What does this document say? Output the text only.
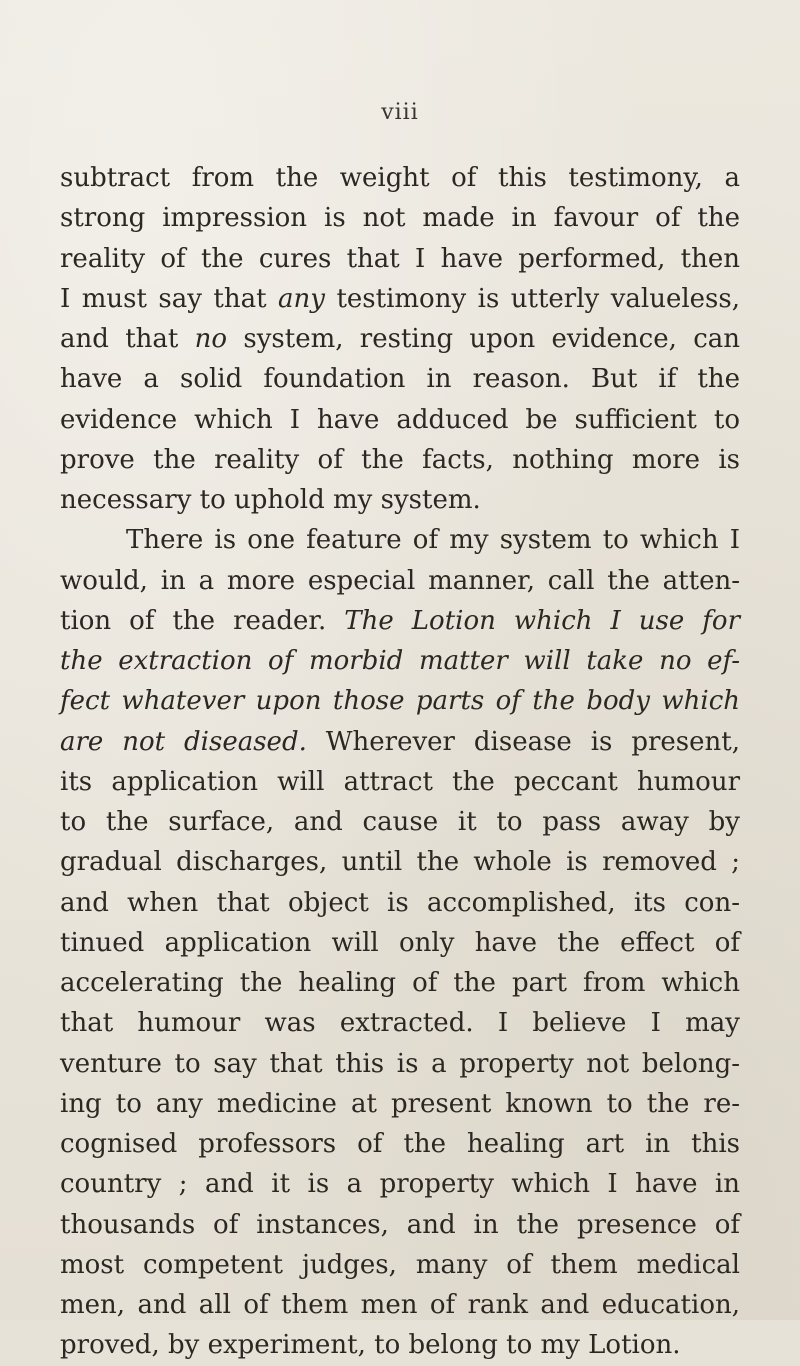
viii
subtract from the weight of this testimony, a
strong impression is not made in favour of the
reality of the cures that I have performed, then
I must say that any testimony is utterly valueless,
and that no system, resting upon evidence, can
have a solid foundation in reason. But if the
evidence which I have adduced be sufficient to
prove the reality of the facts, nothing more is
necessary to uphold my system.
There is one feature of my system to which I
would, in a more especial manner, call the atten-
tion of the reader. The Lotion which I use for
the extraction of morbid matter will take no ef-
fect whatever upon those parts of the body which
are not diseased. Wherever disease is present,
its application will attract the peccant humour
to the surface, and cause it to pass away by
gradual discharges, until the whole is removed ;
and when that object is accomplished, its con-
tinued application will only have the effect of
accelerating the healing of the part from which
that humour was extracted. I believe I may
venture to say that this is a property not belong-
ing to any medicine at present known to the re-
cognised professors of the healing art in this
country ; and it is a property which I have in
thousands of instances, and in the presence of
most competent judges, many of them medical
men, and all of them men of rank and education,
proved, by experiment, to belong to my Lotion.
